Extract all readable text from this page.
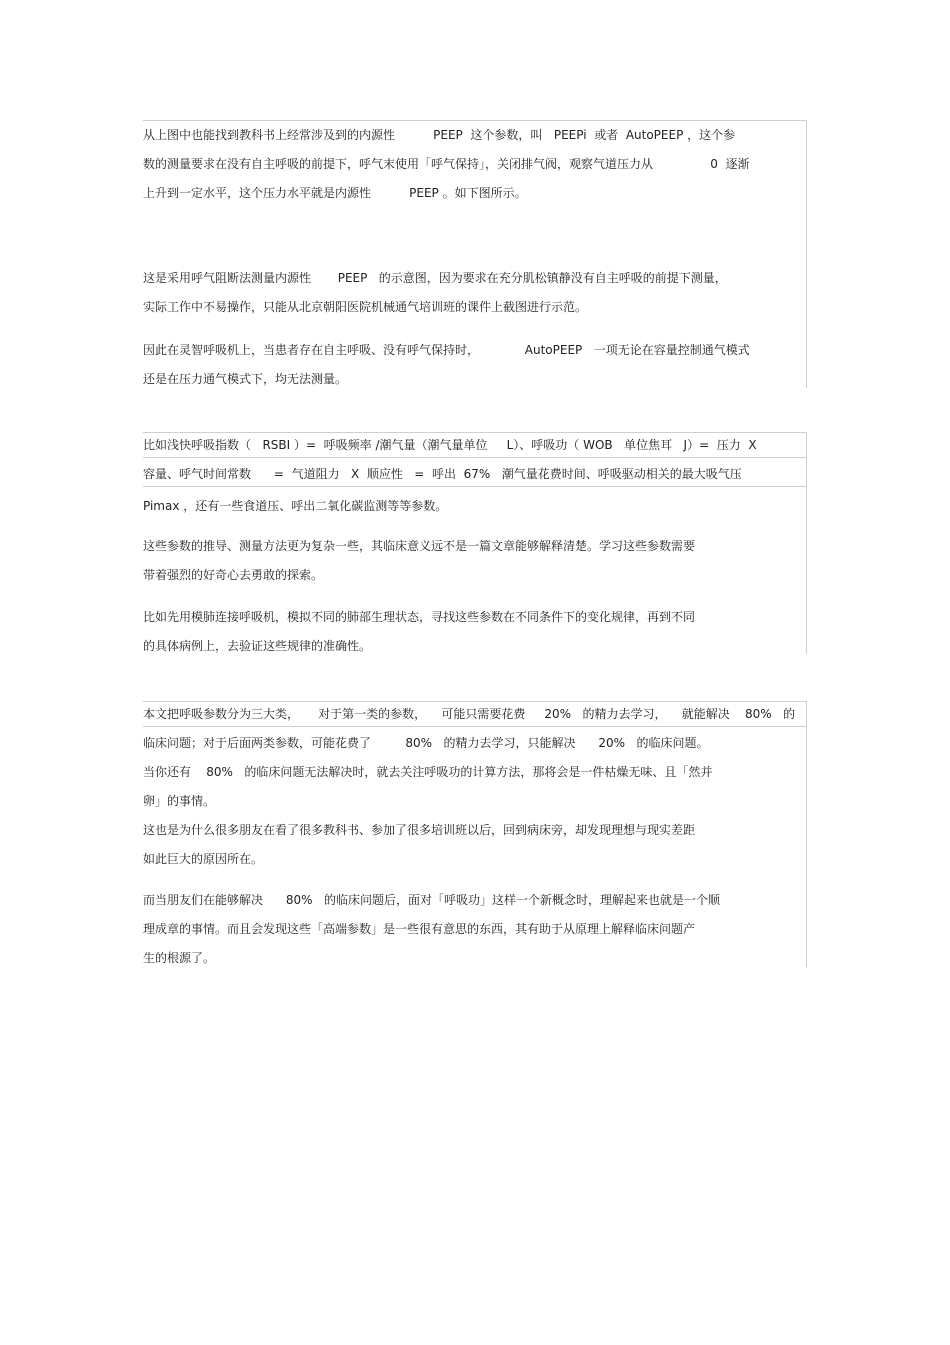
从上图中也能找到教科书上经常涉及到的内源性          PEEP  这个参数，叫   PEEPi  或者  AutoPEEP ，这个参
数的测量要求在没有自主呼吸的前提下，呼气末使用「呼气保持」，关闭排气阀，观察气道压力从               0  逐渐
上升到一定水平，这个压力水平就是内源性          PEEP 。如下图所示。
这是采用呼气阻断法测量内源性       PEEP   的示意图，因为要求在充分肌松镇静没有自主呼吸的前提下测量，
实际工作中不易操作，只能从北京朝阳医院机械通气培训班的课件上截图进行示范。
因此在灵智呼吸机上，当患者存在自主呼吸、没有呼气保持时，            AutoPEEP   一项无论在容量控制通气模式
还是在压力通气模式下，均无法测量。
比如浅快呼吸指数（   RSBI ）=  呼吸频率 /潮气量（潮气量单位     L）、呼吸功（ WOB   单位焦耳   J）=  压力  X
容量、呼气时间常数      =  气道阻力   X  顺应性   =  呼出  67%   潮气量花费时间、呼吸驱动相关的最大吸气压
Pimax ，还有一些食道压、呼出二氧化碳监测等等参数。
这些参数的推导、测量方法更为复杂一些，其临床意义远不是一篇文章能够解释清楚。学习这些参数需要
带着强烈的好奇心去勇敢的探索。
比如先用模肺连接呼吸机，模拟不同的肺部生理状态，寻找这些参数在不同条件下的变化规律，再到不同
的具体病例上，去验证这些规律的准确性。
本文把呼吸参数分为三大类，     对于第一类的参数，    可能只需要花费     20%   的精力去学习，    就能解决    80%   的
临床问题；对于后面两类参数，可能花费了         80%   的精力去学习，只能解决      20%   的临床问题。
当你还有    80%   的临床问题无法解决时，就去关注呼吸功的计算方法，那将会是一件枯燥无味、且「然并
卵」的事情。
这也是为什么很多朋友在看了很多教科书、参加了很多培训班以后，回到病床旁，却发现理想与现实差距
如此巨大的原因所在。
而当朋友们在能够解决      80%   的临床问题后，面对「呼吸功」这样一个新概念时，理解起来也就是一个顺
理成章的事情。而且会发现这些「高端参数」是一些很有意思的东西，其有助于从原理上解释临床问题产
生的根源了。
